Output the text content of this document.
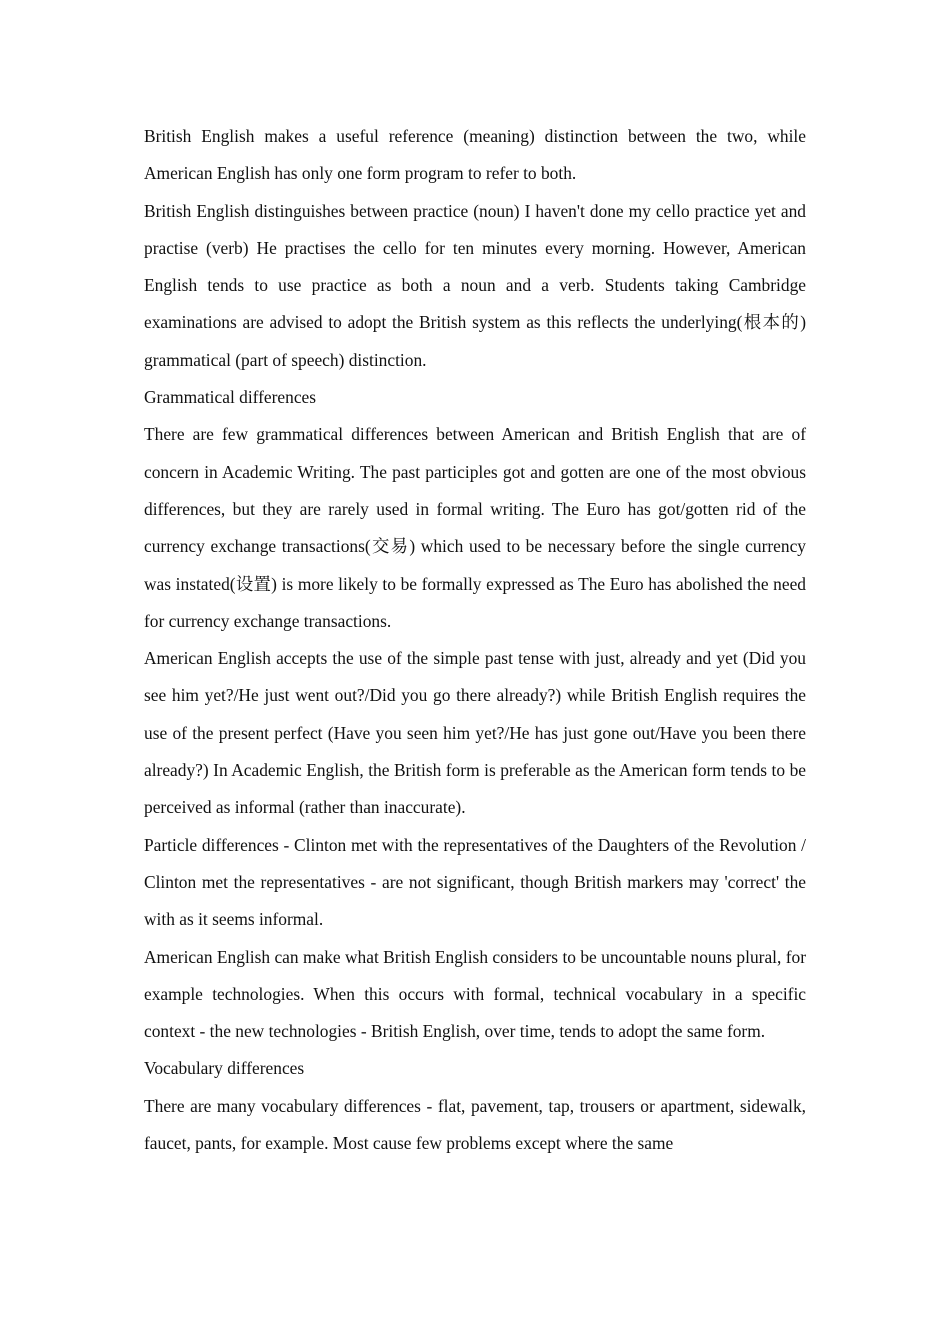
British English makes a useful reference (meaning) distinction between the two, while American English has only one form program to refer to both.

British English distinguishes between practice (noun) I haven't done my cello practice yet and practise (verb) He practises the cello for ten minutes every morning. However, American English tends to use practice as both a noun and a verb. Students taking Cambridge examinations are advised to adopt the British system as this reflects the underlying(根本的) grammatical (part of speech) distinction.

Grammatical differences

There are few grammatical differences between American and British English that are of concern in Academic Writing. The past participles got and gotten are one of the most obvious differences, but they are rarely used in formal writing. The Euro has got/gotten rid of the currency exchange transactions(交易) which used to be necessary before the single currency was instated(设置) is more likely to be formally expressed as The Euro has abolished the need for currency exchange transactions.

American English accepts the use of the simple past tense with just, already and yet (Did you see him yet?/He just went out?/Did you go there already?) while British English requires the use of the present perfect (Have you seen him yet?/He has just gone out/Have you been there already?) In Academic English, the British form is preferable as the American form tends to be perceived as informal (rather than inaccurate).

Particle differences - Clinton met with the representatives of the Daughters of the Revolution / Clinton met the representatives - are not significant, though British markers may 'correct' the with as it seems informal.

American English can make what British English considers to be uncountable nouns plural, for example technologies. When this occurs with formal, technical vocabulary in a specific context - the new technologies - British English, over time, tends to adopt the same form.

Vocabulary differences

There are many vocabulary differences - flat, pavement, tap, trousers or apartment, sidewalk, faucet, pants, for example. Most cause few problems except where the same
